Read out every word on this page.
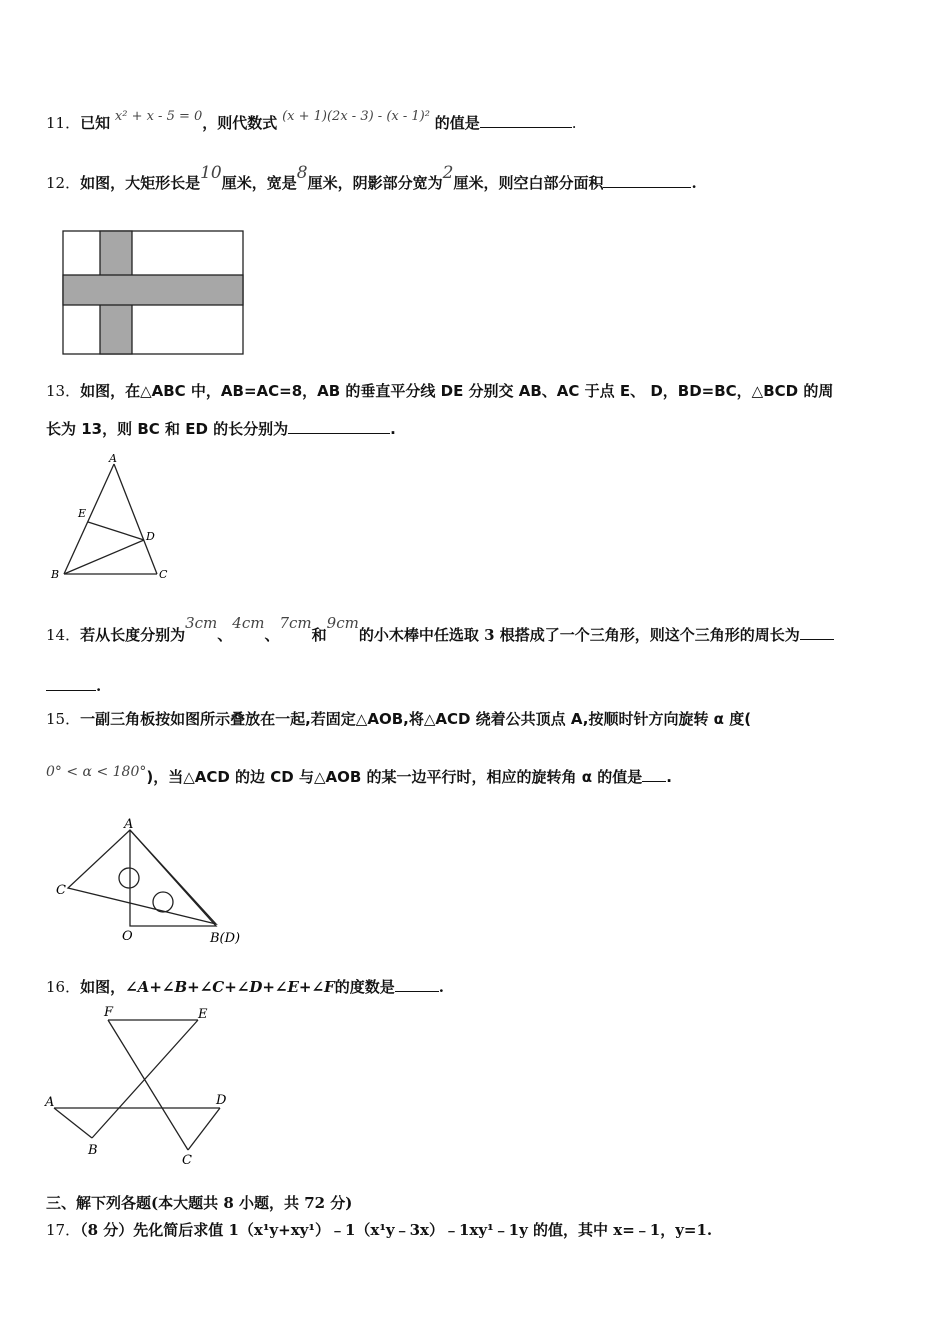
11．已知 x² + x - 5 = 0，则代数式 (x + 1)(2x - 3) - (x - 1)² 的值是	.
12．如图，大矩形长是10厘米，宽是8厘米，阴影部分宽为2厘米，则空白部分面积	.
13．如图，在△ABC 中，AB=AC=8，AB 的垂直平分线 DE 分别交 AB、AC 于点 E、 D，BD=BC，△BCD 的周
长为 13，则 BC 和 ED 的长分别为	.
A
E
D
B	C
14．若从长度分别为3cm、4cm、7cm和9cm的小木棒中任选取 3 根搭成了一个三角形，则这个三角形的周长为
.
15．一副三角板按如图所示叠放在一起,若固定△AOB,将△ACD 绕着公共顶点 A,按顺时针方向旋转 α 度(
0° < α < 180°)，当△ACD 的边 CD 与△AOB 的某一边平行时，相应的旋转角 α 的值是 .
A
C
O	B(D)
16．如图，∠A+∠B+∠C+∠D+∠E+∠F的度数是	.
F	E
A	D
B
C
三、解下列各题(本大题共 8 小题，共 72 分)
17．（8 分）先化简后求值 1（x¹y+xy¹）﹣1（x¹y﹣3x）﹣1xy¹﹣1y 的值，其中 x=﹣1，y=1.
